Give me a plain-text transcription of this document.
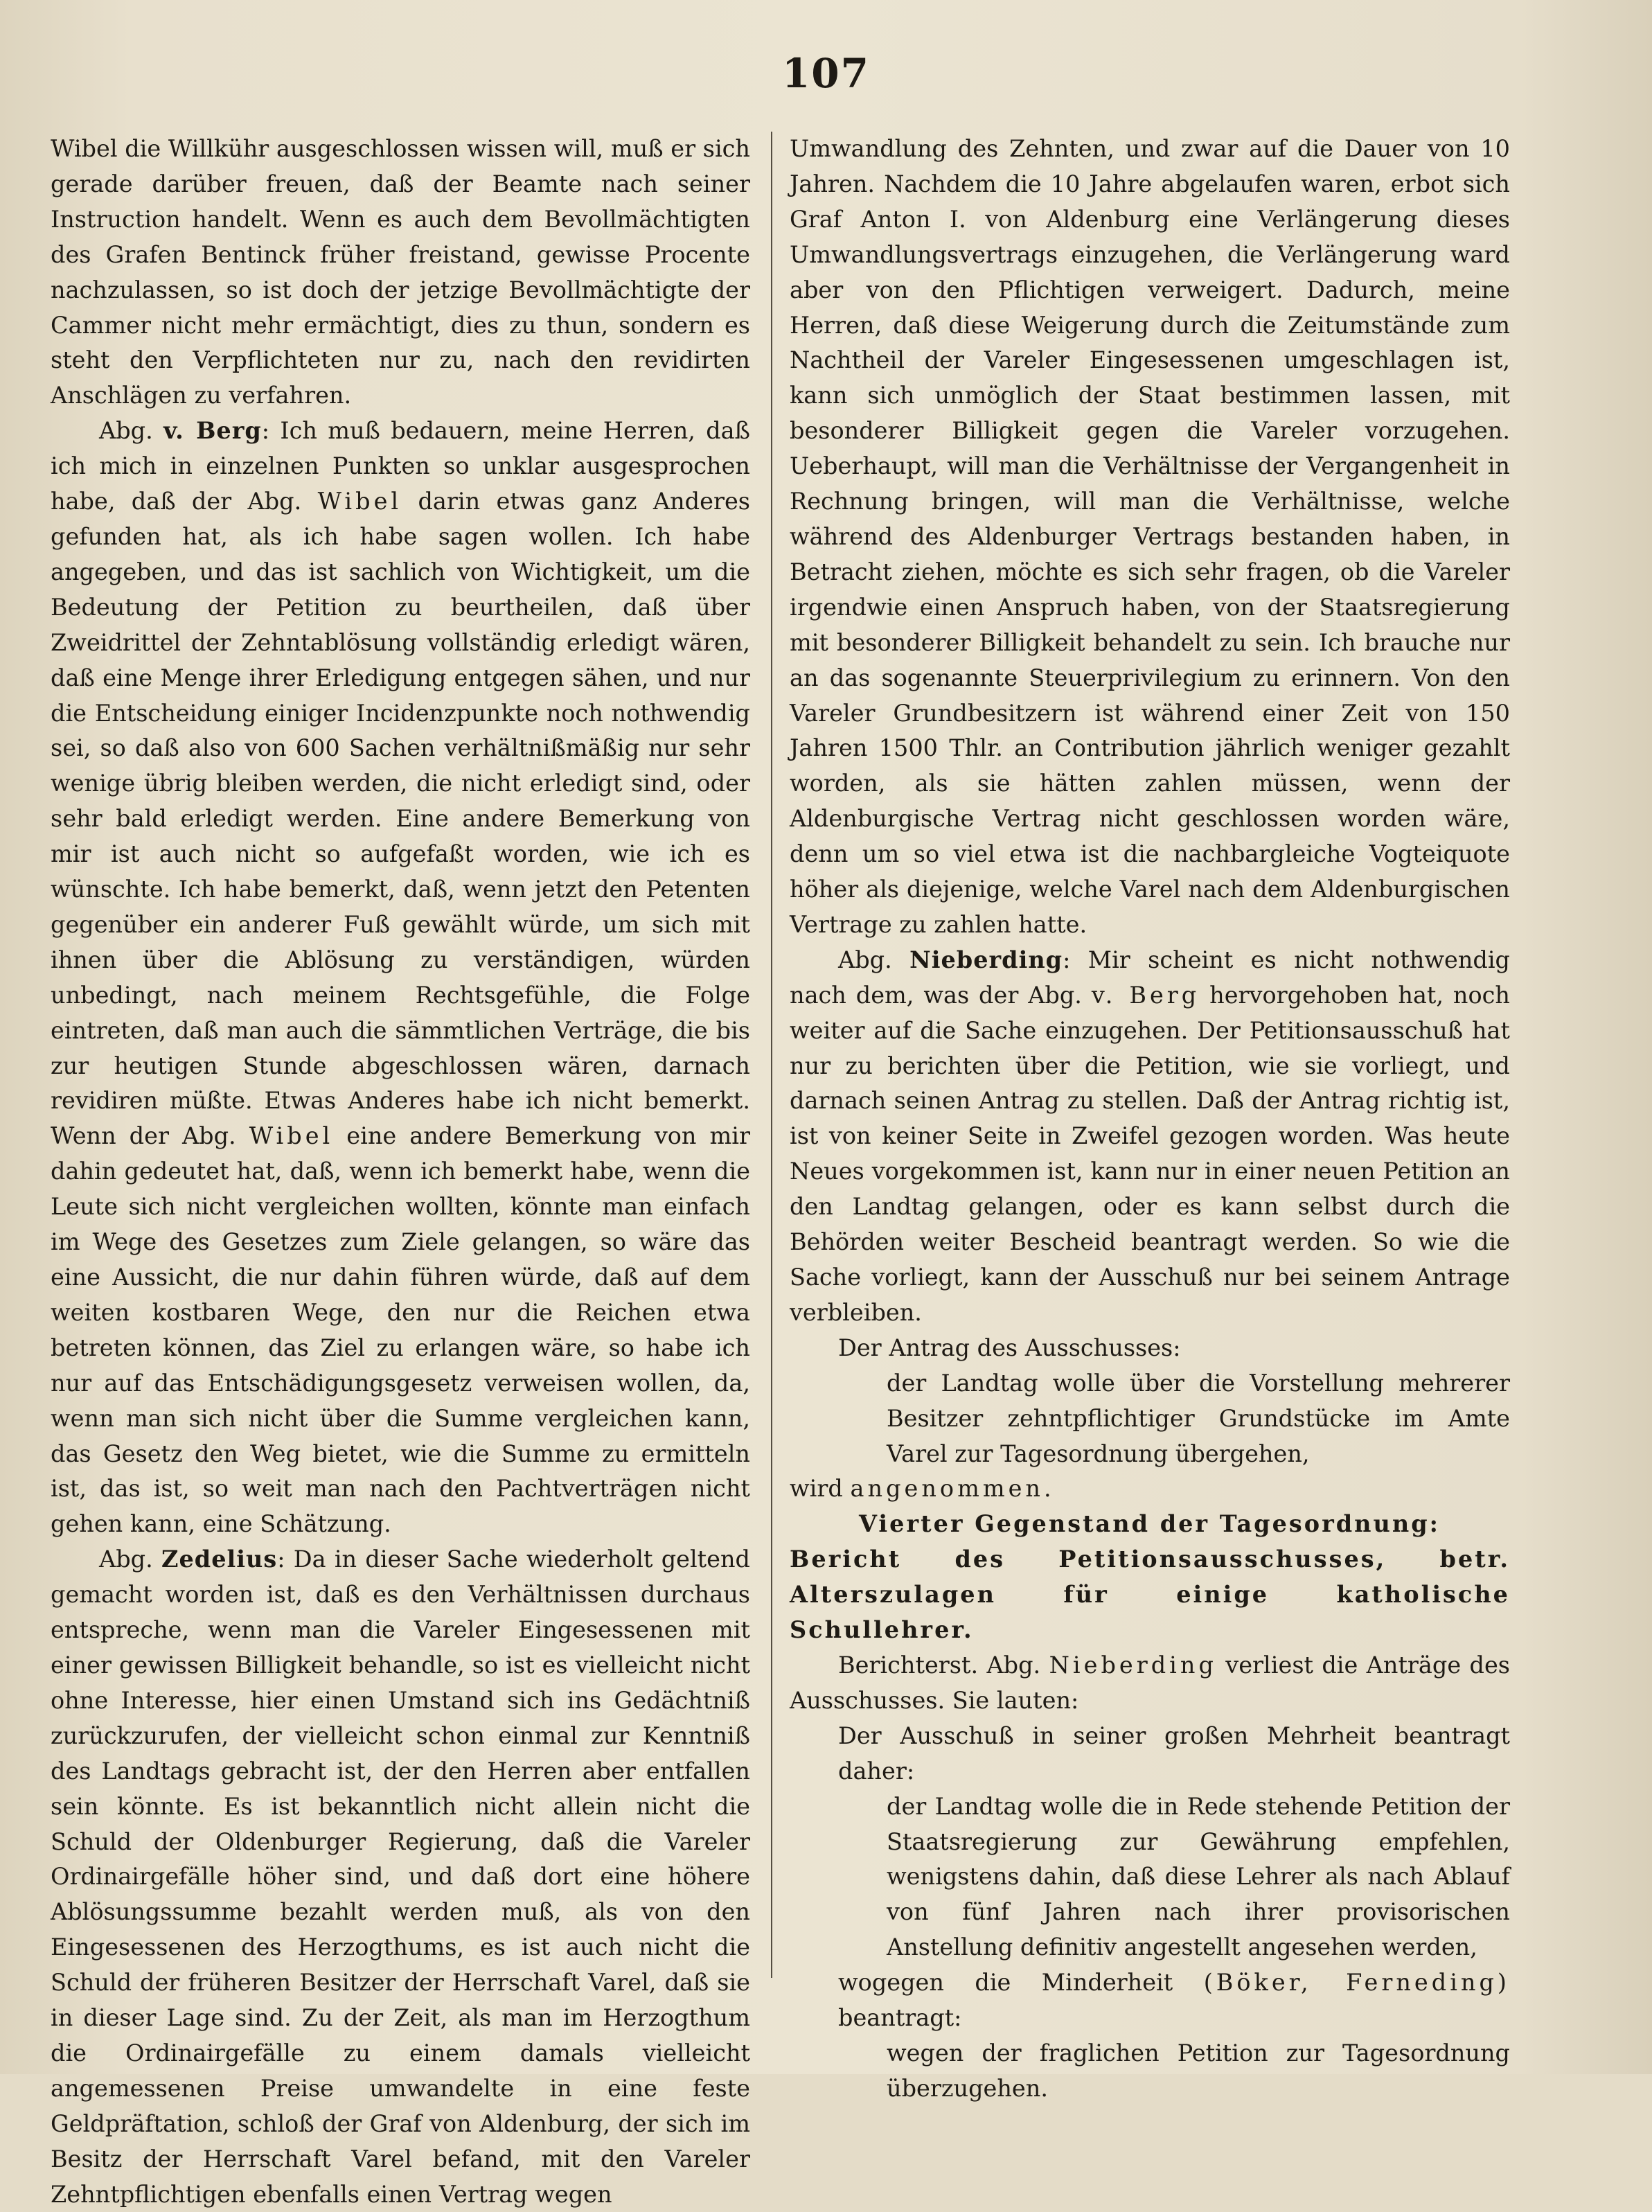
107

Wibel die Willkühr ausgeschlossen wissen will, muß er sich gerade darüber freuen, daß der Beamte nach seiner Instruction handelt. Wenn es auch dem Bevollmächtigten des Grafen Bentinck früher freistand, gewisse Procente nachzulassen, so ist doch der jetzige Bevollmächtigte der Cammer nicht mehr ermächtigt, dies zu thun, sondern es steht den Verpflichteten nur zu, nach den revidirten Anschlägen zu verfahren.

Abg. v. Berg: Ich muß bedauern, meine Herren, daß ich mich in einzelnen Punkten so unklar ausgesprochen habe, daß der Abg. Wibel darin etwas ganz Anderes gefunden hat, als ich habe sagen wollen. Ich habe angegeben, und das ist sachlich von Wichtigkeit, um die Bedeutung der Petition zu beurtheilen, daß über Zweidrittel der Zehntablösung vollständig erledigt wären, daß eine Menge ihrer Erledigung entgegen sähen, und nur die Entscheidung einiger Incidenzpunkte noch nothwendig sei, so daß also von 600 Sachen verhältnißmäßig nur sehr wenige übrig bleiben werden, die nicht erledigt sind, oder sehr bald erledigt werden. Eine andere Bemerkung von mir ist auch nicht so aufgefaßt worden, wie ich es wünschte. Ich habe bemerkt, daß, wenn jetzt den Petenten gegenüber ein anderer Fuß gewählt würde, um sich mit ihnen über die Ablösung zu verständigen, würden unbedingt, nach meinem Rechtsgefühle, die Folge eintreten, daß man auch die sämmtlichen Verträge, die bis zur heutigen Stunde abgeschlossen wären, darnach revidiren müßte. Etwas Anderes habe ich nicht bemerkt. Wenn der Abg. Wibel eine andere Bemerkung von mir dahin gedeutet hat, daß, wenn ich bemerkt habe, wenn die Leute sich nicht vergleichen wollten, könnte man einfach im Wege des Gesetzes zum Ziele gelangen, so wäre das eine Aussicht, die nur dahin führen würde, daß auf dem weiten kostbaren Wege, den nur die Reichen etwa betreten können, das Ziel zu erlangen wäre, so habe ich nur auf das Entschädigungsgesetz verweisen wollen, da, wenn man sich nicht über die Summe vergleichen kann, das Gesetz den Weg bietet, wie die Summe zu ermitteln ist, das ist, so weit man nach den Pachtverträgen nicht gehen kann, eine Schätzung.

Abg. Zedelius: Da in dieser Sache wiederholt geltend gemacht worden ist, daß es den Verhältnissen durchaus entspreche, wenn man die Vareler Eingesessenen mit einer gewissen Billigkeit behandle, so ist es vielleicht nicht ohne Interesse, hier einen Umstand sich ins Gedächtniß zurückzurufen, der vielleicht schon einmal zur Kenntniß des Landtags gebracht ist, der den Herren aber entfallen sein könnte. Es ist bekanntlich nicht allein nicht die Schuld der Oldenburger Regierung, daß die Vareler Ordinairgefälle höher sind, und daß dort eine höhere Ablösungssumme bezahlt werden muß, als von den Eingesessenen des Herzogthums, es ist auch nicht die Schuld der früheren Besitzer der Herrschaft Varel, daß sie in dieser Lage sind. Zu der Zeit, als man im Herzogthum die Ordinairgefälle zu einem damals vielleicht angemessenen Preise umwandelte in eine feste Geldpräftation, schloß der Graf von Aldenburg, der sich im Besitz der Herrschaft Varel befand, mit den Vareler Zehntpflichtigen ebenfalls einen Vertrag wegen

Umwandlung des Zehnten, und zwar auf die Dauer von 10 Jahren. Nachdem die 10 Jahre abgelaufen waren, erbot sich Graf Anton I. von Aldenburg eine Verlängerung dieses Umwandlungsvertrags einzugehen, die Verlängerung ward aber von den Pflichtigen verweigert. Dadurch, meine Herren, daß diese Weigerung durch die Zeitumstände zum Nachtheil der Vareler Eingesessenen umgeschlagen ist, kann sich unmöglich der Staat bestimmen lassen, mit besonderer Billigkeit gegen die Vareler vorzugehen. Ueberhaupt, will man die Verhältnisse der Vergangenheit in Rechnung bringen, will man die Verhältnisse, welche während des Aldenburger Vertrags bestanden haben, in Betracht ziehen, möchte es sich sehr fragen, ob die Vareler irgendwie einen Anspruch haben, von der Staatsregierung mit besonderer Billigkeit behandelt zu sein. Ich brauche nur an das sogenannte Steuerprivilegium zu erinnern. Von den Vareler Grundbesitzern ist während einer Zeit von 150 Jahren 1500 Thlr. an Contribution jährlich weniger gezahlt worden, als sie hätten zahlen müssen, wenn der Aldenburgische Vertrag nicht geschlossen worden wäre, denn um so viel etwa ist die nachbargleiche Vogteiquote höher als diejenige, welche Varel nach dem Aldenburgischen Vertrage zu zahlen hatte.

Abg. Nieberding: Mir scheint es nicht nothwendig nach dem, was der Abg. v. Berg hervorgehoben hat, noch weiter auf die Sache einzugehen. Der Petitionsausschuß hat nur zu berichten über die Petition, wie sie vorliegt, und darnach seinen Antrag zu stellen. Daß der Antrag richtig ist, ist von keiner Seite in Zweifel gezogen worden. Was heute Neues vorgekommen ist, kann nur in einer neuen Petition an den Landtag gelangen, oder es kann selbst durch die Behörden weiter Bescheid beantragt werden. So wie die Sache vorliegt, kann der Ausschuß nur bei seinem Antrage verbleiben.

Der Antrag des Ausschusses:

der Landtag wolle über die Vorstellung mehrerer Besitzer zehntpflichtiger Grundstücke im Amte Varel zur Tagesordnung übergehen,

wird angenommen.

Vierter Gegenstand der Tagesordnung:

Bericht des Petitionsausschusses, betr. Alterszulagen für einige katholische Schullehrer.

Berichterst. Abg. Nieberding verliest die Anträge des Ausschusses. Sie lauten:

Der Ausschuß in seiner großen Mehrheit beantragt daher:

der Landtag wolle die in Rede stehende Petition der Staatsregierung zur Gewährung empfehlen, wenigstens dahin, daß diese Lehrer als nach Ablauf von fünf Jahren nach ihrer provisorischen Anstellung definitiv angestellt angesehen werden,

wogegen die Minderheit (Böker, Ferneding) beantragt:

wegen der fraglichen Petition zur Tagesordnung überzugehen.
